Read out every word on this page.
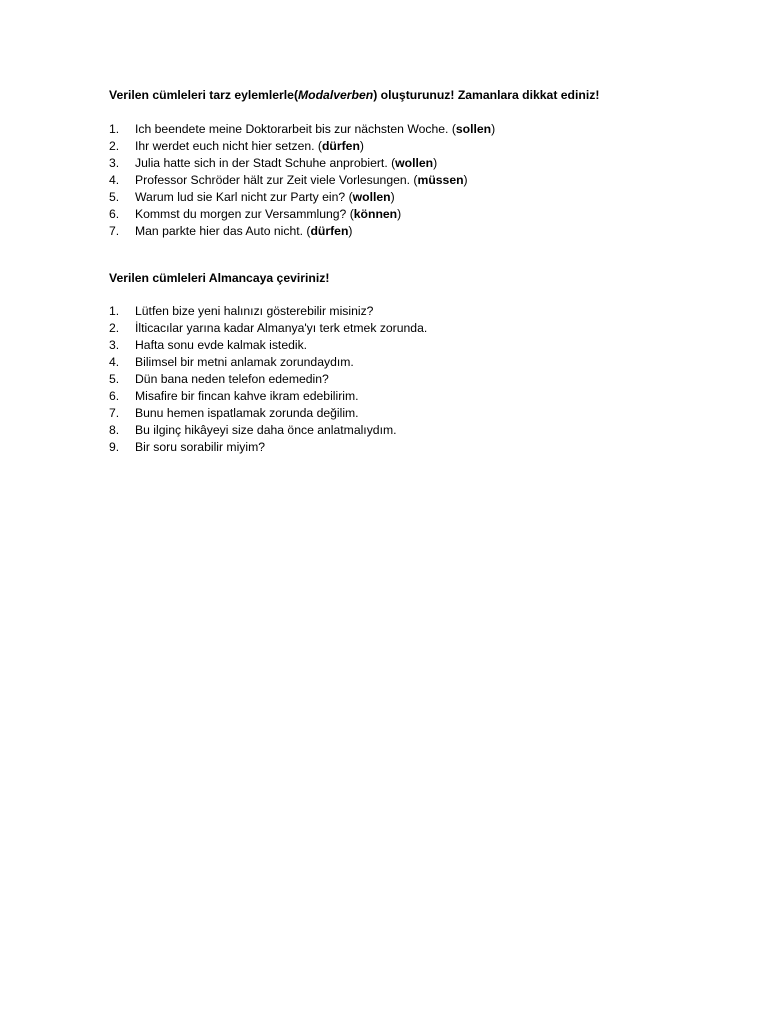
Verilen cümleleri tarz eylemlerle(Modalverben) oluşturunuz! Zamanlara dikkat ediniz!
1. Ich beendete meine Doktorarbeit bis zur nächsten Woche. (sollen)
2. Ihr werdet euch nicht hier setzen. (dürfen)
3. Julia hatte sich in der Stadt Schuhe anprobiert. (wollen)
4. Professor Schröder hält zur Zeit viele Vorlesungen. (müssen)
5. Warum lud sie Karl nicht zur Party ein? (wollen)
6. Kommst du morgen zur Versammlung? (können)
7. Man parkte hier das Auto nicht. (dürfen)
Verilen cümleleri Almancaya çeviriniz!
1. Lütfen bize yeni halınızı gösterebilir misiniz?
2. İlticacılar yarına kadar Almanya'yı terk etmek zorunda.
3. Hafta sonu evde kalmak istedik.
4. Bilimsel bir metni anlamak zorundaydım.
5. Dün bana neden telefon edemedin?
6. Misafire bir fincan kahve ikram edebilirim.
7. Bunu hemen ispatlamak zorunda değilim.
8. Bu ilginç hikâyeyi size daha önce anlatmalıydım.
9. Bir soru sorabilir miyim?
